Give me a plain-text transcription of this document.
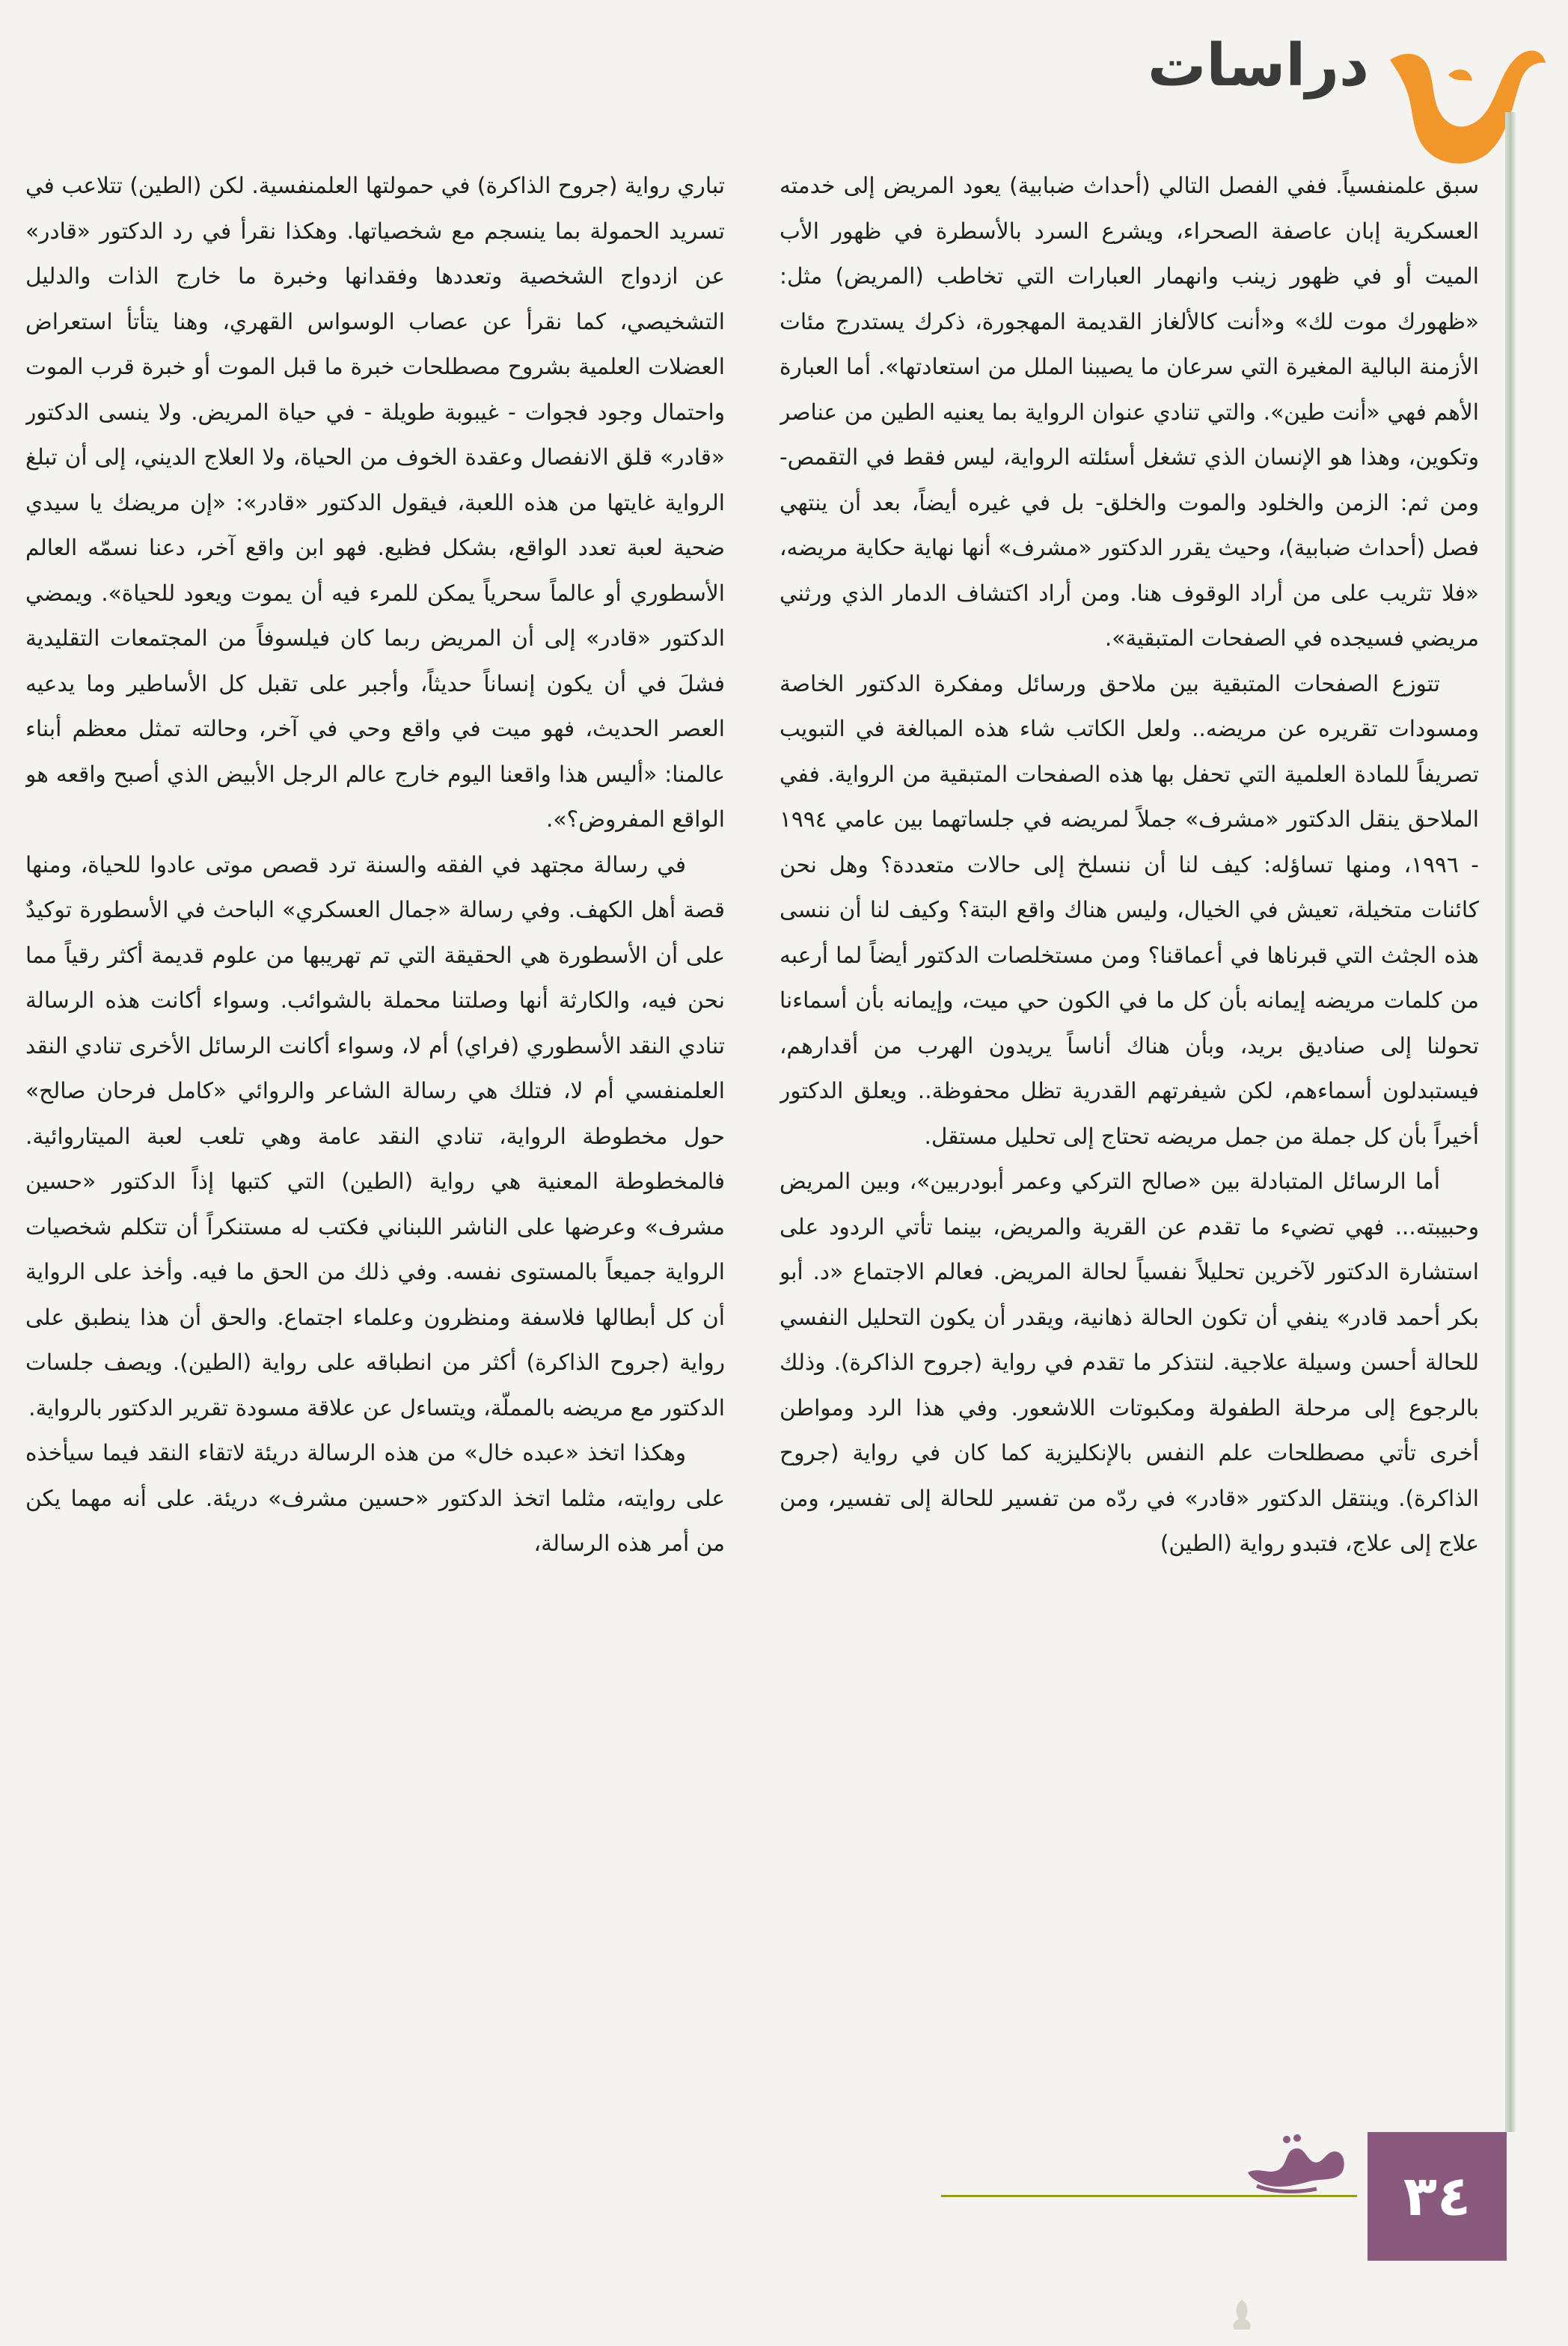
دراسات

سبق علمنفسياً. ففي الفصل التالي (أحداث ضبابية) يعود المريض إلى خدمته العسكرية إبان عاصفة الصحراء، ويشرع السرد بالأسطرة في ظهور الأب الميت أو في ظهور زينب وانهمار العبارات التي تخاطب (المريض) مثل: «ظهورك موت لك» و«أنت كالألغاز القديمة المهجورة، ذكرك يستدرج مئات الأزمنة البالية المغيرة التي سرعان ما يصيبنا الملل من استعادتها». أما العبارة الأهم فهي «أنت طين». والتي تنادي عنوان الرواية بما يعنيه الطين من عناصر وتكوين، وهذا هو الإنسان الذي تشغل أسئلته الرواية، ليس فقط في التقمص- ومن ثم: الزمن والخلود والموت والخلق- بل في غيره أيضاً، بعد أن ينتهي فصل (أحداث ضبابية)، وحيث يقرر الدكتور «مشرف» أنها نهاية حكاية مريضه، «فلا تثريب على من أراد الوقوف هنا. ومن أراد اكتشاف الدمار الذي ورثني مريضي فسيجده في الصفحات المتبقية».

تتوزع الصفحات المتبقية بين ملاحق ورسائل ومفكرة الدكتور الخاصة ومسودات تقريره عن مريضه.. ولعل الكاتب شاء هذه المبالغة في التبويب تصريفاً للمادة العلمية التي تحفل بها هذه الصفحات المتبقية من الرواية. ففي الملاحق ينقل الدكتور «مشرف» جملاً لمريضه في جلساتهما بين عامي ١٩٩٤ - ١٩٩٦، ومنها تساؤله: كيف لنا أن ننسلخ إلى حالات متعددة؟ وهل نحن كائنات متخيلة، تعيش في الخيال، وليس هناك واقع البتة؟ وكيف لنا أن ننسى هذه الجثث التي قبرناها في أعماقنا؟ ومن مستخلصات الدكتور أيضاً لما أرعبه من كلمات مريضه إيمانه بأن كل ما في الكون حي ميت، وإيمانه بأن أسماءنا تحولنا إلى صناديق بريد، وبأن هناك أناساً يريدون الهرب من أقدارهم، فيستبدلون أسماءهم، لكن شيفرتهم القدرية تظل محفوظة.. ويعلق الدكتور أخيراً بأن كل جملة من جمل مريضه تحتاج إلى تحليل مستقل.

أما الرسائل المتبادلة بين «صالح التركي وعمر أبودربين»، وبين المريض وحبيبته... فهي تضيء ما تقدم عن القرية والمريض، بينما تأتي الردود على استشارة الدكتور لآخرين تحليلاً نفسياً لحالة المريض. فعالم الاجتماع «د. أبو بكر أحمد قادر» ينفي أن تكون الحالة ذهانية، ويقدر أن يكون التحليل النفسي للحالة أحسن وسيلة علاجية. لنتذكر ما تقدم في رواية (جروح الذاكرة). وذلك بالرجوع إلى مرحلة الطفولة ومكبوتات اللاشعور. وفي هذا الرد ومواطن أخرى تأتي مصطلحات علم النفس بالإنكليزية كما كان في رواية (جروح الذاكرة). وينتقل الدكتور «قادر» في ردّه من تفسير للحالة إلى تفسير، ومن علاج إلى علاج، فتبدو رواية (الطين)

تباري رواية (جروح الذاكرة) في حمولتها العلمنفسية. لكن (الطين) تتلاعب في تسريد الحمولة بما ينسجم مع شخصياتها. وهكذا نقرأ في رد الدكتور «قادر» عن ازدواج الشخصية وتعددها وفقدانها وخبرة ما خارج الذات والدليل التشخيصي، كما نقرأ عن عصاب الوسواس القهري، وهنا يتأتأ استعراض العضلات العلمية بشروح مصطلحات خبرة ما قبل الموت أو خبرة قرب الموت واحتمال وجود فجوات - غيبوبة طويلة - في حياة المريض. ولا ينسى الدكتور «قادر» قلق الانفصال وعقدة الخوف من الحياة، ولا العلاج الديني، إلى أن تبلغ الرواية غايتها من هذه اللعبة، فيقول الدكتور «قادر»: «إن مريضك يا سيدي ضحية لعبة تعدد الواقع، بشكل فظيع. فهو ابن واقع آخر، دعنا نسمّه العالم الأسطوري أو عالماً سحرياً يمكن للمرء فيه أن يموت ويعود للحياة». ويمضي الدكتور «قادر» إلى أن المريض ربما كان فيلسوفاً من المجتمعات التقليدية فشلَ في أن يكون إنساناً حديثاً، وأجبر على تقبل كل الأساطير وما يدعيه العصر الحديث، فهو ميت في واقع وحي في آخر، وحالته تمثل معظم أبناء عالمنا: «أليس هذا واقعنا اليوم خارج عالم الرجل الأبيض الذي أصبح واقعه هو الواقع المفروض؟».

في رسالة مجتهد في الفقه والسنة ترد قصص موتى عادوا للحياة، ومنها قصة أهل الكهف. وفي رسالة «جمال العسكري» الباحث في الأسطورة توكيدٌ على أن الأسطورة هي الحقيقة التي تم تهريبها من علوم قديمة أكثر رقياً مما نحن فيه، والكارثة أنها وصلتنا محملة بالشوائب. وسواء أكانت هذه الرسالة تنادي النقد الأسطوري (فراي) أم لا، وسواء أكانت الرسائل الأخرى تنادي النقد العلمنفسي أم لا، فتلك هي رسالة الشاعر والروائي «كامل فرحان صالح» حول مخطوطة الرواية، تنادي النقد عامة وهي تلعب لعبة الميتاروائية. فالمخطوطة المعنية هي رواية (الطين) التي كتبها إذاً الدكتور «حسين مشرف» وعرضها على الناشر اللبناني فكتب له مستنكراً أن تتكلم شخصيات الرواية جميعاً بالمستوى نفسه. وفي ذلك من الحق ما فيه. وأخذ على الرواية أن كل أبطالها فلاسفة ومنظرون وعلماء اجتماع. والحق أن هذا ينطبق على رواية (جروح الذاكرة) أكثر من انطباقه على رواية (الطين). ويصف جلسات الدكتور مع مريضه بالمملّة، ويتساءل عن علاقة مسودة تقرير الدكتور بالرواية.

وهكذا اتخذ «عبده خال» من هذه الرسالة دريئة لاتقاء النقد فيما سيأخذه على روايته، مثلما اتخذ الدكتور «حسين مشرف» دريئة. على أنه مهما يكن من أمر هذه الرسالة،

٣٤
